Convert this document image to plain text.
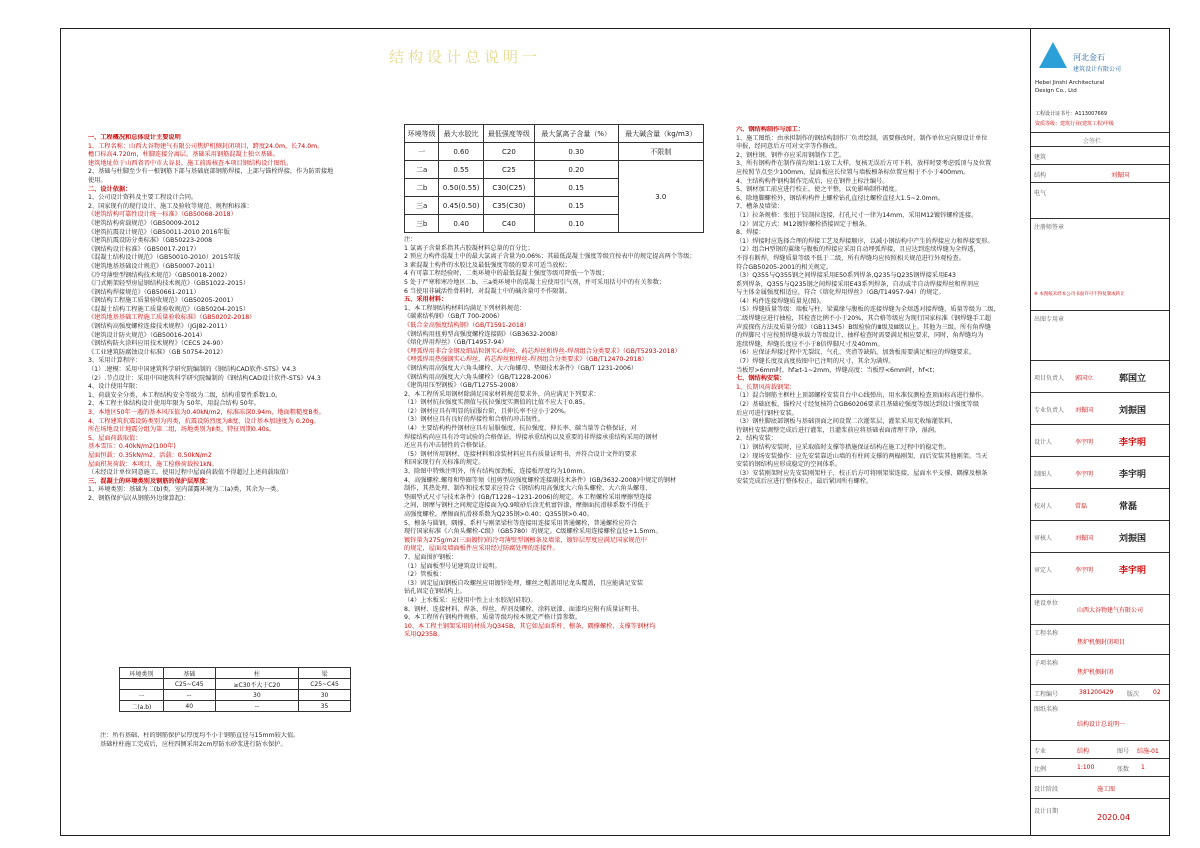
结构设计总说明一
一、工程概况和总体设计主要说明
1、工程名称：山西大谷物建气有限公司焦炉机侧封闭项目，跨度24.0m，长74.0m。
檐口标高4.720m，柱脚连接分离层。基础采用钢筋混凝土独立基础。
建筑地址位于山西省晋中市大谷县。施工前需核查本项目钢结构设计图纸。
2、基础与柱脚至少有一根钢筋下部与基础底部钢筋焊接，上部与锚栓焊接，作为防雷接地
使用。
二、设计依据：
1、公司设计资料及主要工程设计合同。
2、国家现有的现行设计、施工及验收等规范、规程和标准：
《建筑结构可靠性设计统一标准》（GB50068-2018）
《建筑结构荷载规范》（GB50009-2012
《建筑抗震设计规范》（GB50011-2010 2016年版
《建筑抗震设防分类标准》（GB50223-2008
《钢结构设计标准》（GB50017-2017）
《混凝土结构设计规范》（GB50010-2010）2015年版
《建筑地基基础设计规范》（GB50007-2011）
《冷弯薄壁型钢结构技术规范》（GB50018-2002）
《门式刚架轻型房屋钢结构技术规范》（GB51022-2015）
《钢结构焊接规范》（GB50661-2011）
《钢结构工程施工质量验收规范》（GB50205-2001）
《混凝土结构工程施工质量验收规范》（GB50204-2015）
《建筑地基基础工程施工质量验收标准》（GB50202-2018）
《钢结构高强度螺栓连接技术规程》（JGJ82-2011）
《建筑设计防火规范》（GB50016-2014）
《钢结构防火涂料应用技术规程》（CECS 24-90）
《工业建筑防腐蚀设计标准》（GB 50754-2012）
3、采用计算程序：
（1）.建模：采用中国建筑科学研究院编制的《钢结构CAD软件-STS》V4.3
（2）.节点设计：采用中国建筑科学研究院编制的《钢结构CAD设计软件-STS》V4.3
4、设计使用年限：
1、荷载安全分类，本工程结构安全等级为二级，结构重要性系数1.0。
2、本工程主体结构设计使用年限为 50年，用混合结构 50年。
3、本地区50年一遇的基本风压值为0.40kN/m2，标准冻深0.94m，地面粗糙度B类。
4、工程建筑抗震设防类别为丙类，抗震设防烈度为8度，设计基本加速度为 0.20g。
所在场地设计地震分组为第二组，场地类别为Ⅱ类，特征周期0.40s。
5、屋面荷载取值：
基本雪压：0.40kN/m2(100年)
屋面恒载：0.35kN/m2，活载：0.50kN/m2
屋面积灰荷载：本项目，施工检修荷载按1kN。
（未经设计单位同意施工，使用过程中屋面荷载值不得超过上述荷载取值）
三、混凝土的环境类别及钢筋的保护层厚度：
1、环境类别：基础为二(b)类，室内部露环境为二(a)类，其余为一类。
2、钢筋保护层(从钢筋外边缘算起)：
环境类别	基础	柱	梁
	C25~C45	≥C30不大于C20	C25~C45
一	--	30	30
二(a.b)	40	--	35
注：所有基础、柱的钢筋保护层厚度均不小于钢筋直径与15mm较大值。
基础柱柱施工完成后，应柱四侧采用2cm厚防水砂浆进行防水保护。
环境等级	最大水胶比	最低强度等级	最大氯离子含量（%）	最大碱含量（kg/m3）
一	0.60	C20	0.30	不限制
二a	0.55	C25	0.20	3.0
二b	0.50(0.55)	C30(C25)	0.15	
三a	0.45(0.50)	C35(C30)	0.15	
三b	0.40	C40	0.10	
注：
1 氯离子含量系指其占胶凝材料总量的百分比；
2 预应力构件混凝土中的最大氯离子含量为0.06%；其最低混凝土强度等级宜按表中的规定提高两个等级；
3 素混凝土构件的水胶比及最低强度等级的要求可适当放松；
4 有可靠工程经验时，二类环境中的最低混凝土强度等级可降低一个等级；
5 处于严寒和寒冷地区二b、三a类环境中的混凝土应使用引气剂，并可采用括号中的有关参数；
6 当使用非碱活性骨料时，对混凝土中的碱含量可不作限制。
五、采用材料：
1、本工程钢结构材料均满足下列材料规范：
《碳素结构钢》（GB/T 700-2006）
《低合金高强度结构钢》（GB/T1591-2018）
《钢结构用扭剪型高强度螺栓连接副》（GB3632-2008）
《熔化焊用焊丝》（GB/T14957-94）
《埋弧焊用非合金钢及细晶粒钢实心焊丝、药芯焊丝和焊丝-焊剂组合分类要求》（GB/T5293-2018）
《埋弧焊用热强钢实心焊丝、药芯焊丝和焊丝-焊剂组合分类要求》（GB/T12470-2018）
《钢结构用高强度大六角头螺栓、大六角螺母、垫圈技术条件》（GB/T 1231-2006）
《钢结构用高强度大六角头螺栓》（GB/T1228-2006）
《建筑用压型钢板》（GB/T12755-2008）
2、本工程所采用钢材除满足国家材料规范要求外，尚应满足下列要求：
（1）钢材抗拉强度实测值与抗拉强度实测值的比值不应大于0.85。
（2）钢材应具有明显的屈服台阶，且伸长率不应小于20%。
（3）钢材应具有良好的焊接性和合格的冲击韧性。
（4）主要结构构件钢材应具有屈服强度、抗拉强度、伸长率、碳当量等合格保证，对
焊接结构尚应具有冷弯试验的合格保证。焊接承重结构以及重要的非焊接承重结构采用的钢材
还应具有冲击韧性的合格保证。
（5）钢材所用钢材、连接材料和涂装材料应具有质量证明书，并符合设计文件的要求
和国家现行有关标准的规定。
3、除图中特殊注明外，所有结构加劲板、连接板厚度均为10mm。
4、高强螺栓.螺母和垫圈等须《扭剪型高强度螺栓连接副技术条件》(GB/3632-2008)中规定的钢材
制作，其热处理、制作和技术要求应符合《钢结构用高强度大六角头螺栓、大六角头螺母、
垫圈型式尺寸与技术条件》(GB/T1228~1231-2006)的规定。本工程螺栓采用摩擦型连接
之间，钢摩与钢柱之间规定连接面为Q.9喷砂后涂无机富锌漆，摩擦面抗滑移系数不得低于
高强度螺栓，摩擦面抗滑移系数为Q235钢>0.40；Q355钢>0.40。
5、檩条与圆钢、隅撑、系杆与刚架梁柱等连接用连接采用普通螺栓，普通螺栓应符合
现行国家标准《六角头螺栓-C级》（GB5780）的规定。C级螺栓采用连接螺栓直径+1.5mm。
镀锌量为275g/m2(三面镀锌)的冷弯薄壁型钢檩条及墙梁，镀锌层厚度应满足国家规范中
的规定，屋面及墙面板件应采用经过防腐处理的连接件。
7、屋面围护钢板：
（1）屋面板型号见建筑设计说明。
（2）管板板：
（3）固定屋面钢板自攻螺丝应用镀锌处理，螺丝之帽盖用尼龙头覆盖，且应能满足安装
钻孔固定在钢结构上。
（4）上水板采：应使用中性上止水胶泥(硅胶)。
8、钢材、连接材料、焊条、焊丝、焊剂及螺栓、涂料底漆、面漆均应附有质量证明书。
9、本工程所有钢构件规格、质量等级均按本规定严格计算参数。
10、本工程主钢架采用的材质为Q345B，其它如屋面系杆、檩条、隅撑螺栓、支撑等钢材均
采用Q235B。
六、钢结构制作与加工：
1、施工图纸：由承担制作的钢结构制作厂负责绘制，需要修改时，制作单位应向原设计单位
申报，经同意后方可对文字等作修改。
2、钢柱钢、钢件亦应采用钢制作工艺。
3、所有钢构件在制作前均须1:1放工大样，复核无误后方可下料，放样时要考虑弧顶与及位置
应按照节点至少100mm，屋面板应长位置与墙板檩条标位置应相于不小于400mm。
4、主结构构件钢构制作完成后，应在钢件上标注编号。
5、钢材加工前应进行校正，使之平整，以免影响制作精度。
6、除地脚螺栓外，钢结构构件上螺栓钻孔直径比螺栓直径大1.5~2.0mm。
7、槽条及墙梁：
（1）拉条规格：张扭于铰剖拉连接，打孔尺寸一律为14mm，采用M12镀锌螺栓连接。
（2）固定方式：M12镀锌螺栓搭接固定于檩条。
8、焊接：
（1）焊接时应选择合理的焊接工艺及焊接顺序，以减小钢结构中产生的焊接应力和焊接变形。
（2）组合H型钢的翼缘与腹板的焊接应采用自动埋弧焊接，且应达到连续焊缝为全焊透，
不得有断焊，焊缝质量等级不低于二级，所有焊缝均应按照相关规范进行外观检查。
符合GB50205-2001的相关规定。
（3）Q355与Q355钢之间焊接采用E50系列焊条,Q235与Q235钢焊接采用E43
系列焊条，Q355与Q235钢之间焊接采用E43系列焊条，自动或半自动焊接焊丝和焊剂应
与主体金属强度相适应，符合《熔化焊用焊丝》（GB/T14957-94）的规定。
（4）构件连接焊缝质量见(图)。
（5）焊缝质量等级：端板与柱、梁翼缘与腹板的连接焊缝为全熔透对接焊缝，质量等级为二级，
二级焊缝应进行抽检，其检查比例不小于20%，其合格等级应为现行国家标准《钢焊缝手工超
声波探伤方法及质量分级》（GB11345）B级检验的Ⅲ级及Ⅲ级以上。其他为三级。所有角焊缝
的焊脚尺寸应按照焊缝承载力等级设计，抽样检查时需要满足相应要求，同时，角焊缝均为
连续焊缝，焊缝长度应不小于8倍焊脚尺寸及40mm。
（6）应保证焊接过程中无裂纹、气孔、夹渣等缺陷，加劲板需要满足相应的焊缝要求。
（7）焊缝长度及高度按图中已注明的尺寸，其余为满焊。
当板厚>6mm时，hf≥t-1~2mm，焊缝高度：当板厚<6mm时，hf<t；
七、钢结构安装：
1、长期风荷载钢架：
（1）混合钢筋主框柱上顶部螺栓安装自台中心线弹出，用水准仪测检查顶面标高进行操作。
（2）基础底板、锚栓尺寸经复核符合GB60206要求且基础砼强度等级达到设计强度等级
后应可进行钢柱安装。
（3）钢柱脚底部钢板与基础顶面之间设置二次灌浆层，灌浆采用无收缩灌浆料，
待钢柱安装调整完成后进行灌浆，且灌浆前应将基础表面清理干净，湿润。
2、结构安装：
（1）钢结构安装时，应采取临时支撑等措施保证结构在施工过程中的稳定性。
（2）现场安装操作：应先安装靠近山墙的有柱间支撑的两榀刚架，而后安装其他刚架。当天
安装的钢结构应形成稳定的空间体系。
（3）安装刚架时应先安装刚架柱子，校正后方可将刚架梁连接，屋面水平支撑、隅撑及檩条
安装完成后应进行整体校正，最后紧固所有螺栓。
河北金石
建筑设计有限公司
Hebei Jinshi Architectural
Design Co., Ltd
工程设计证书号：A113007669
资质等级：建筑行业(建筑工程)甲级
会签栏
建筑
结构	刘振国
电气
注册师签章
※ 本图纸未经本公司书面许可不得复制或转让
出图专用章
项目负责人 郭国立	郭国立
专业负责人 刘振国	刘振国
设计人	李宇明	李宇明
制图人	李宇明	李宇明
校对人	常磊	常磊
审核人	刘振国	刘振国
审定人	李宇明	李宇明
建设单位
山西大谷物建气有限公司
工程名称
焦炉机侧封闭项目
子项名称
焦炉机侧封闭
工程编号	381200429 版次 02
图纸名称
结构设计总说明一
专业	结构	图号 结施-01
比例	1:100	张数 1
设计阶段	施工图
设计日期
2020.04
